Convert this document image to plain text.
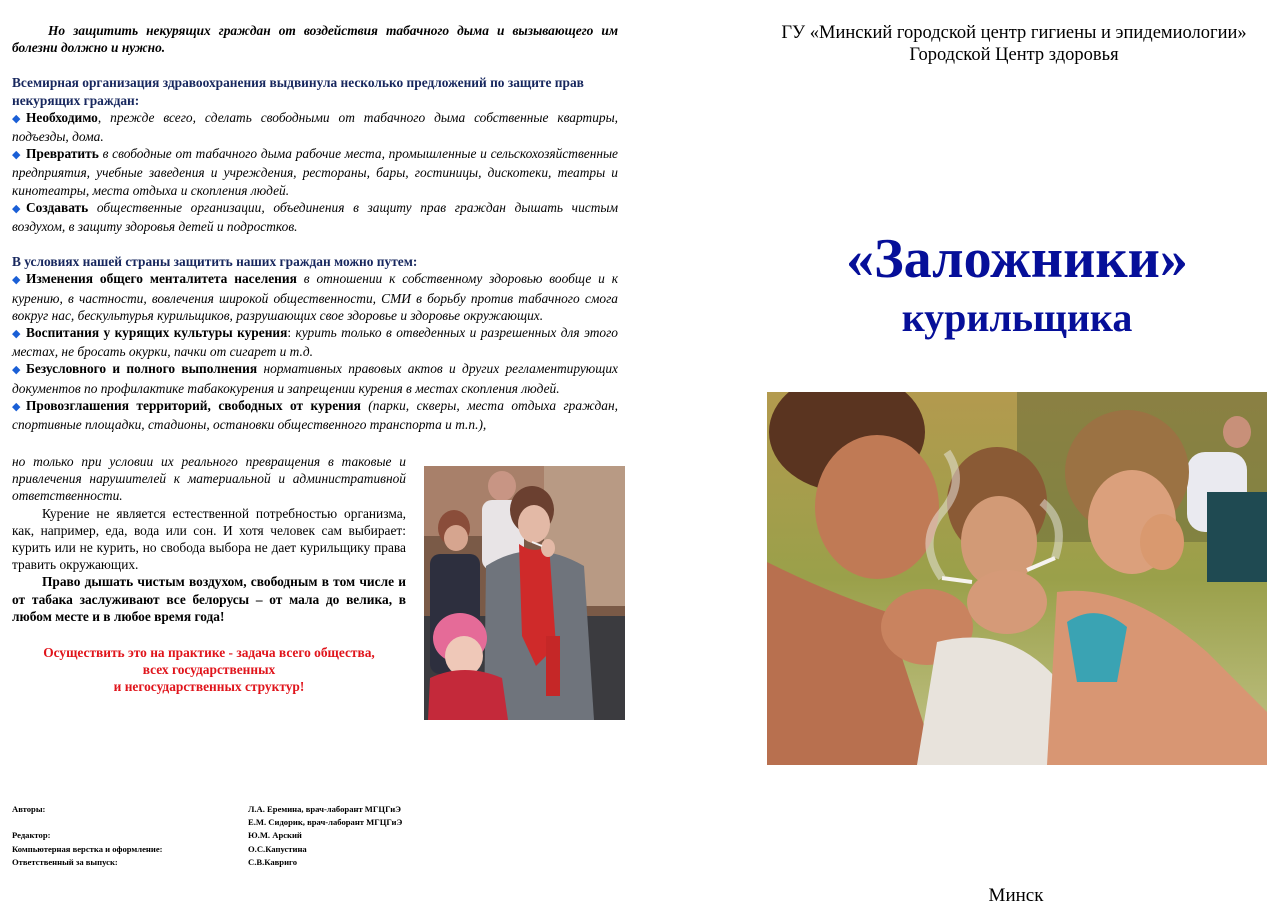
Но защитить некурящих граждан от воздействия табачного дыма и вызывающего им болезни должно и нужно.

Всемирная организация здравоохранения выдвинула несколько предложений по защите прав некурящих граждан:

◆ Необходимо, прежде всего, сделать свободными от табачного дыма собственные квартиры, подъезды, дома.

◆ Превратить в свободные от табачного дыма рабочие места, промышленные и сельскохозяйственные предприятия, учебные заведения и учреждения, рестораны, бары, гостиницы, дискотеки, театры и кинотеатры, места отдыха и скопления людей.

◆ Создавать общественные организации, объединения в защиту прав граждан дышать чистым воздухом, в защиту здоровья детей и подростков.

В условиях нашей страны защитить наших граждан можно путем:

◆ Изменения общего менталитета населения в отношении к собственному здоровью вообще и к курению, в частности, вовлечения широкой общественности, СМИ в борьбу против табачного смога вокруг нас, бескультурья курильщиков, разрушающих свое здоровье и здоровье окружающих.

◆ Воспитания у курящих культуры курения: курить только в отведенных и разрешенных для этого местах, не бросать окурки, пачки от сигарет и т.д.

◆ Безусловного и полного выполнения нормативных правовых актов и других регламентирующих документов по профилактике табакокурения и запрещении курения в местах скопления людей.

◆ Провозглашения территорий, свободных от курения (парки, скверы, места отдыха граждан, спортивные площадки, стадионы, остановки общественного транспорта и т.п.),

но только при условии их реального превращения в таковые и привлечения нарушителей к материальной и административной ответственности.

Курение не является естественной потребностью организма, как, например, еда, вода или сон. И хотя человек сам выбирает: курить или не курить, но свобода выбора не дает курильщику права травить окружающих.

Право дышать чистым воздухом, свободным в том числе и от табака заслуживают все белорусы – от мала до велика, в любом месте и в любое время года!

Осуществить это на практике - задача всего общества,
всех государственных
и негосударственных структур!
Авторы:	Л.А. Еремина, врач-лаборант МГЦГиЭ
Е.М. Сидорик, врач-лаборант МГЦГиЭ
Редактор:	Ю.М. Арский
Компьютерная верстка и оформление:	О.С.Капустина
Ответственный за выпуск:	С.В.Кавриго
ГУ «Минский городской центр гигиены и эпидемиологии»
Городской Центр здоровья
«Заложники»
курильщика
Минск
